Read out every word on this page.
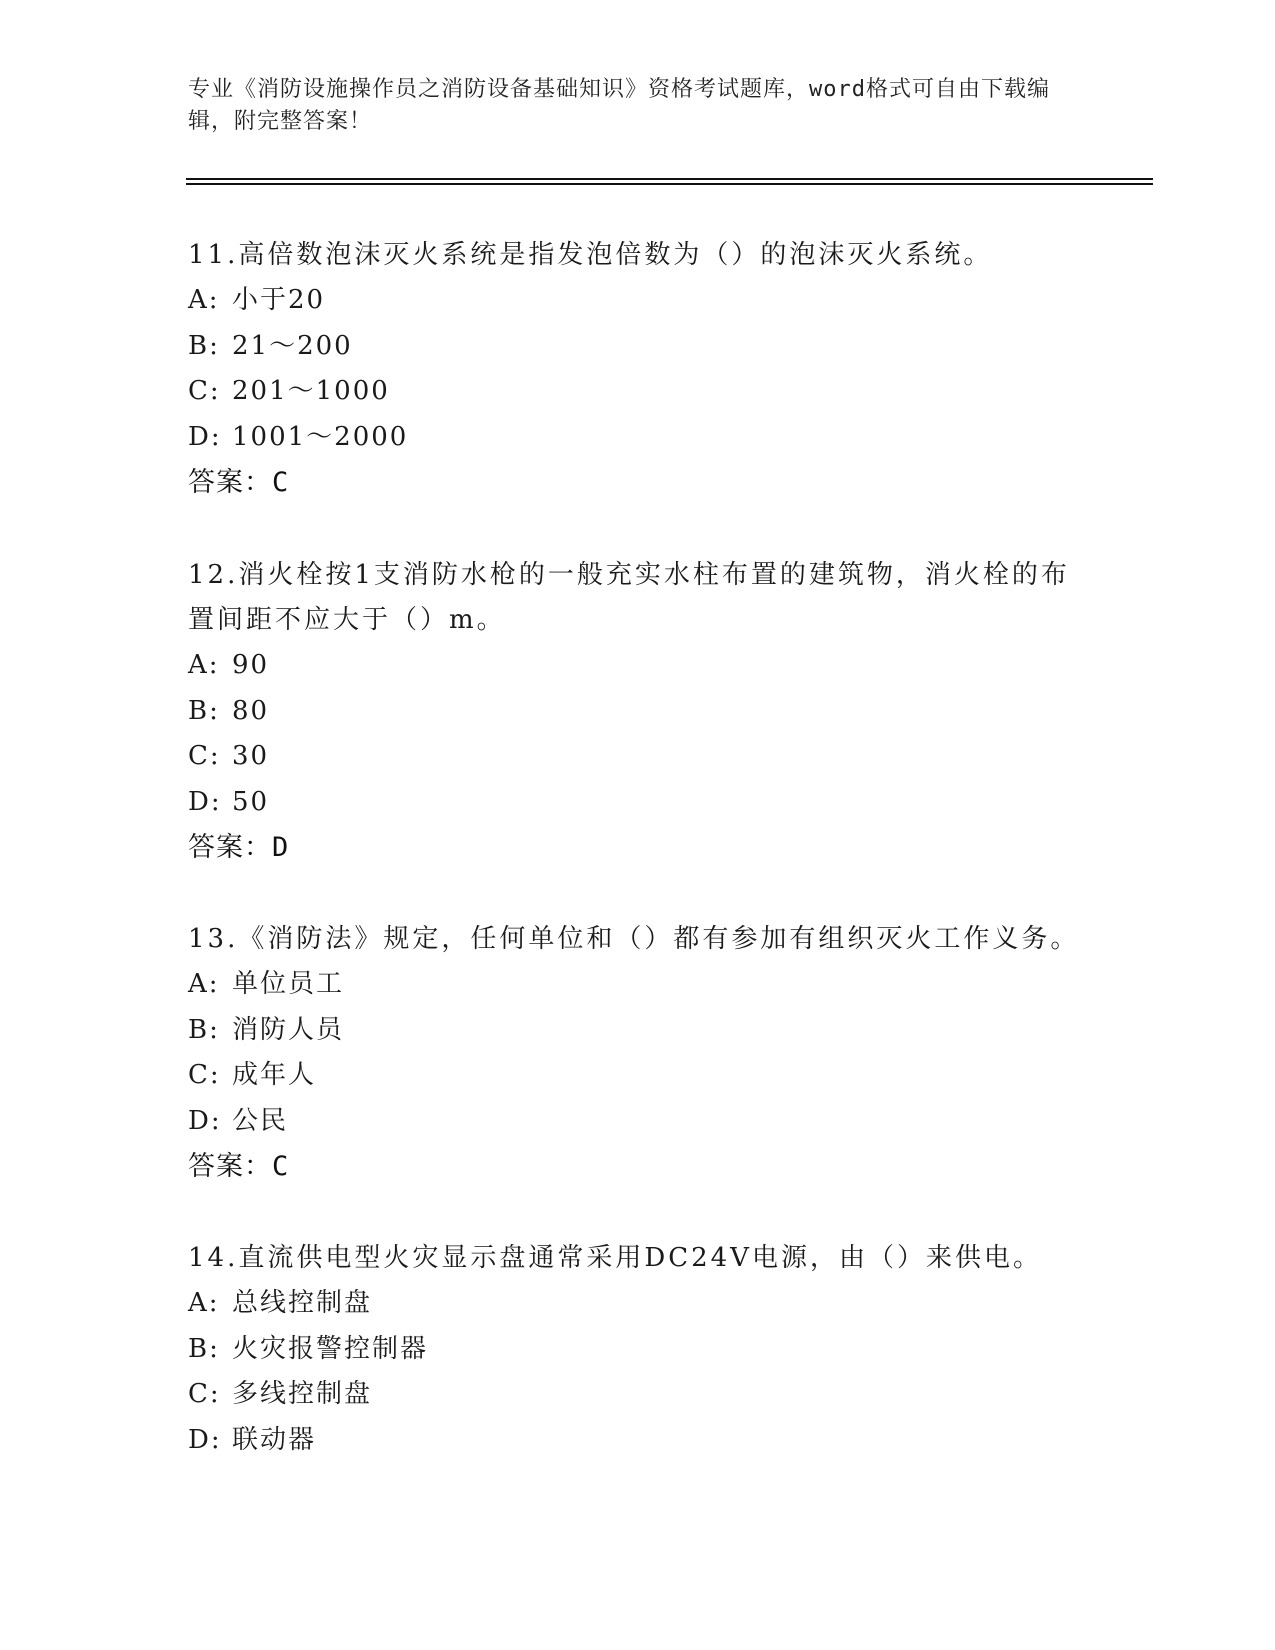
专业《消防设施操作员之消防设备基础知识》资格考试题库，word格式可自由下载编辑，附完整答案！
11.高倍数泡沫灭火系统是指发泡倍数为（）的泡沫灭火系统。
A: 小于20
B: 21～200
C: 201～1000
D: 1001～2000
答案：C
12.消火栓按1支消防水枪的一般充实水柱布置的建筑物，消火栓的布置间距不应大于（）m。
A: 90
B: 80
C: 30
D: 50
答案：D
13.《消防法》规定，任何单位和（）都有参加有组织灭火工作义务。
A: 单位员工
B: 消防人员
C: 成年人
D: 公民
答案：C
14.直流供电型火灾显示盘通常采用DC24V电源，由（）来供电。
A: 总线控制盘
B: 火灾报警控制器
C: 多线控制盘
D: 联动器
